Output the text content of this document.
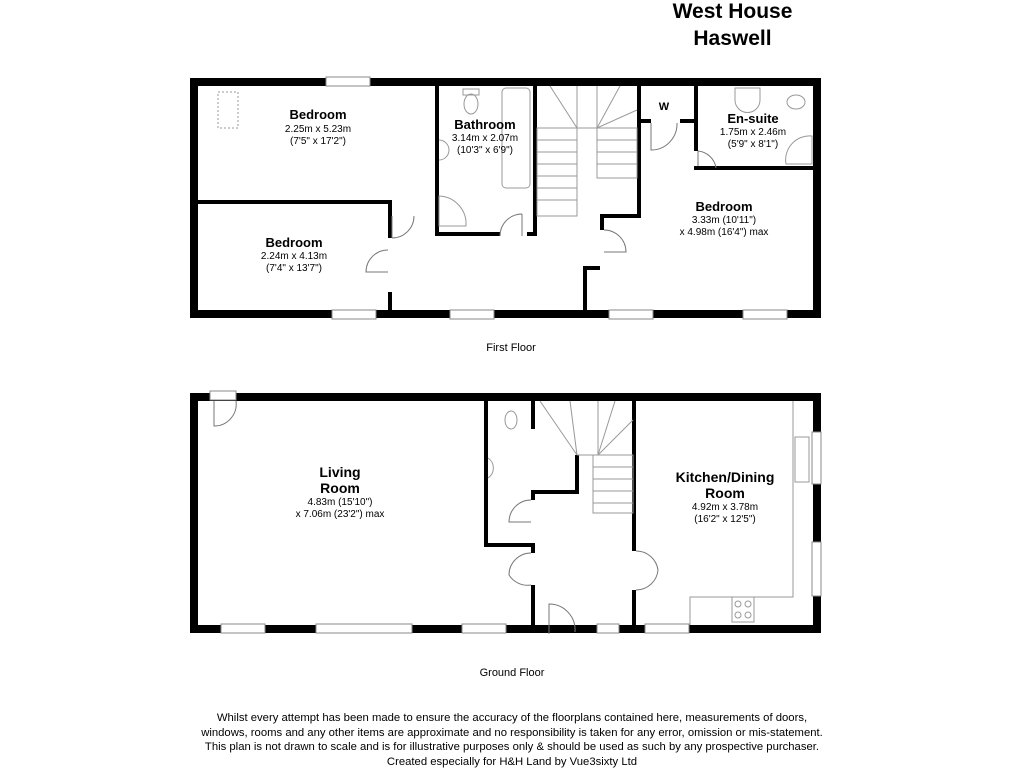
West House
Haswell
Bedroom
2.25m x 5.23m
(7'5" x 17'2")
Bathroom
3.14m x 2.07m
(10'3" x 6'9")
W
En-suite
1.75m x 2.46m
(5'9" x 8'1")
Bedroom
2.24m x 4.13m
(7'4" x 13'7")
Bedroom
3.33m (10'11")
x 4.98m (16'4") max
First Floor
Living
Room
4.83m (15'10")
x 7.06m (23'2") max
Kitchen/Dining
Room
4.92m x 3.78m
(16'2" x 12'5")
Ground Floor
Whilst every attempt has been made to ensure the accuracy of the floorplans contained here, measurements of doors,
windows, rooms and any other items are approximate and no responsibility is taken for any error, omission or mis-statement.
This plan is not drawn to scale and is for illustrative purposes only & should be used as such by any prospective purchaser.
Created especially for H&H Land by Vue3sixty Ltd
